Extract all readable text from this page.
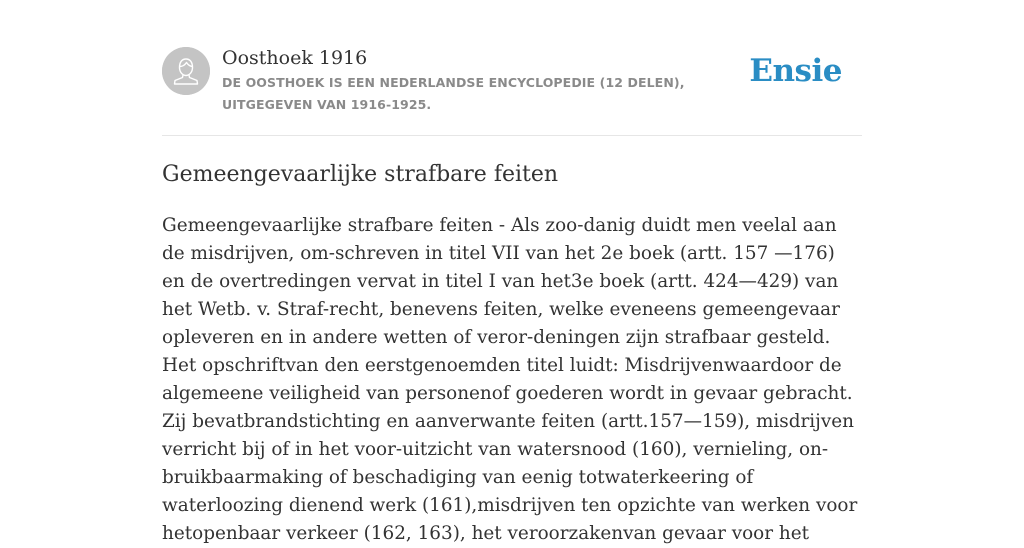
Oosthoek 1916
DE OOSTHOEK IS EEN NEDERLANDSE ENCYCLOPEDIE (12 DELEN), UITGEGEVEN VAN 1916-1925.
Ensie
Gemeengevaarlijke strafbare feiten

Gemeengevaarlijke strafbare feiten - Als zoo-danig duidt men veelal aan de misdrijven, om-schreven in titel VII van het 2e boek (artt. 157 —176) en de overtredingen vervat in titel I van het3e boek (artt. 424—429) van het Wetb. v. Straf-recht, benevens feiten, welke eveneens gemeengevaar opleveren en in andere wetten of veror-deningen zijn strafbaar gesteld. Het opschriftvan den eerstgenoemden titel luidt: Misdrijvenwaardoor de algemeene veiligheid van personenof goederen wordt in gevaar gebracht. Zij bevatbrandstichting en aanverwante feiten (artt.157—159), misdrijven verricht bij of in het voor-uitzicht van watersnood (160), vernieling, on-bruikbaarmaking of beschadiging van eenig totwaterkeering of waterloozing dienend werk (161),misdrijven ten opzichte van werken voor hetopenbaar verkeer (162, 163), het veroorzakenvan gevaar voor het
